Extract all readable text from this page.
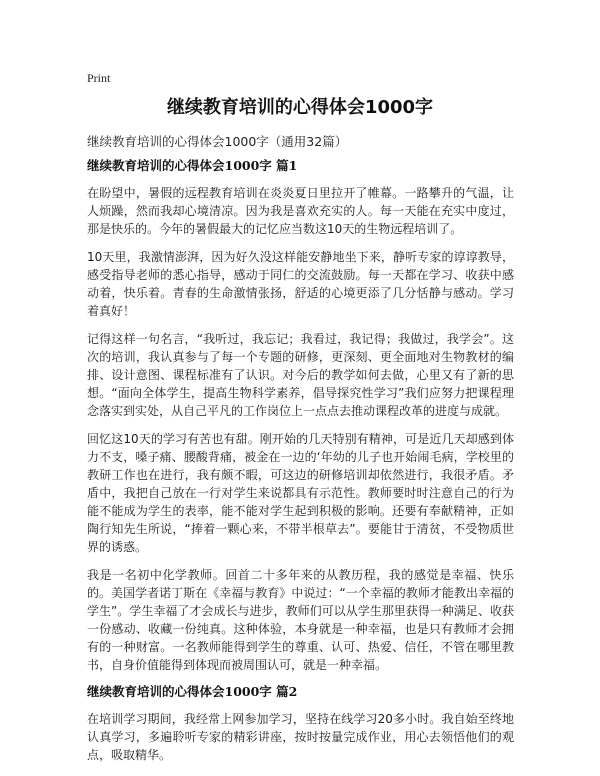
Print
继续教育培训的心得体会1000字
继续教育培训的心得体会1000字（通用32篇）
继续教育培训的心得体会1000字 篇1

在盼望中，暑假的远程教育培训在炎炎夏日里拉开了帷幕。一路攀升的气温，让人烦躁，然而我却心境清凉。因为我是喜欢充实的人。每一天能在充实中度过，那是快乐的。今年的暑假最大的记忆应当数这10天的生物远程培训了。

10天里，我激情澎湃，因为好久没这样能安静地坐下来，静听专家的谆谆教导，感受指导老师的悉心指导，感动于同仁的交流鼓励。每一天都在学习、收获中感动着，快乐着。青春的生命激情张扬，舒适的心境更添了几分恬静与感动。学习着真好！

记得这样一句名言，“我听过，我忘记；我看过，我记得；我做过，我学会”。这次的培训，我认真参与了每一个专题的研修，更深刻、更全面地对生物教材的编排、设计意图、课程标准有了认识。对今后的教学如何去做，心里又有了新的思想。“面向全体学生，提高生物科学素养，倡导探究性学习”我们应努力把课程理念落实到实处，从自己平凡的工作岗位上一点点去推动课程改革的进度与成就。

回忆这10天的学习有苦也有甜。刚开始的几天特别有精神，可是近几天却感到体力不支，嗓子痛、腰酸背痛，被金在一边的‘年幼的儿子也开始闹毛病，学校里的教研工作也在进行，我有颇不暇，可这边的研修培训却依然进行，我很矛盾。矛盾中，我把自己放在一行对学生来说都具有示范性。教师要时时注意自己的行为能不能成为学生的表率，能不能对学生起到积极的影响。还要有奉献精神，正如陶行知先生所说，“捧着一颗心来，不带半根草去”。要能甘于清贫，不受物质世界的诱惑。

我是一名初中化学教师。回首二十多年来的从教历程，我的感觉是幸福、快乐的。美国学者诺丁斯在《幸福与教育》中说过：“一个幸福的教师才能教出幸福的学生”。学生幸福了才会成长与进步，教师们可以从学生那里获得一种满足、收获一份感动、收藏一份纯真。这种体验，本身就是一种幸福，也是只有教师才会拥有的一种财富。一名教师能得到学生的尊重、认可、热爱、信任，不管在哪里教书，自身价值能得到体现而被周围认可，就是一种幸福。

继续教育培训的心得体会1000字 篇2

在培训学习期间，我经常上网参加学习，坚持在线学习20多小时。我自始至终地认真学习，多遍聆听专家的精彩讲座，按时按量完成作业，用心去领悟他们的观点，吸取精华。
